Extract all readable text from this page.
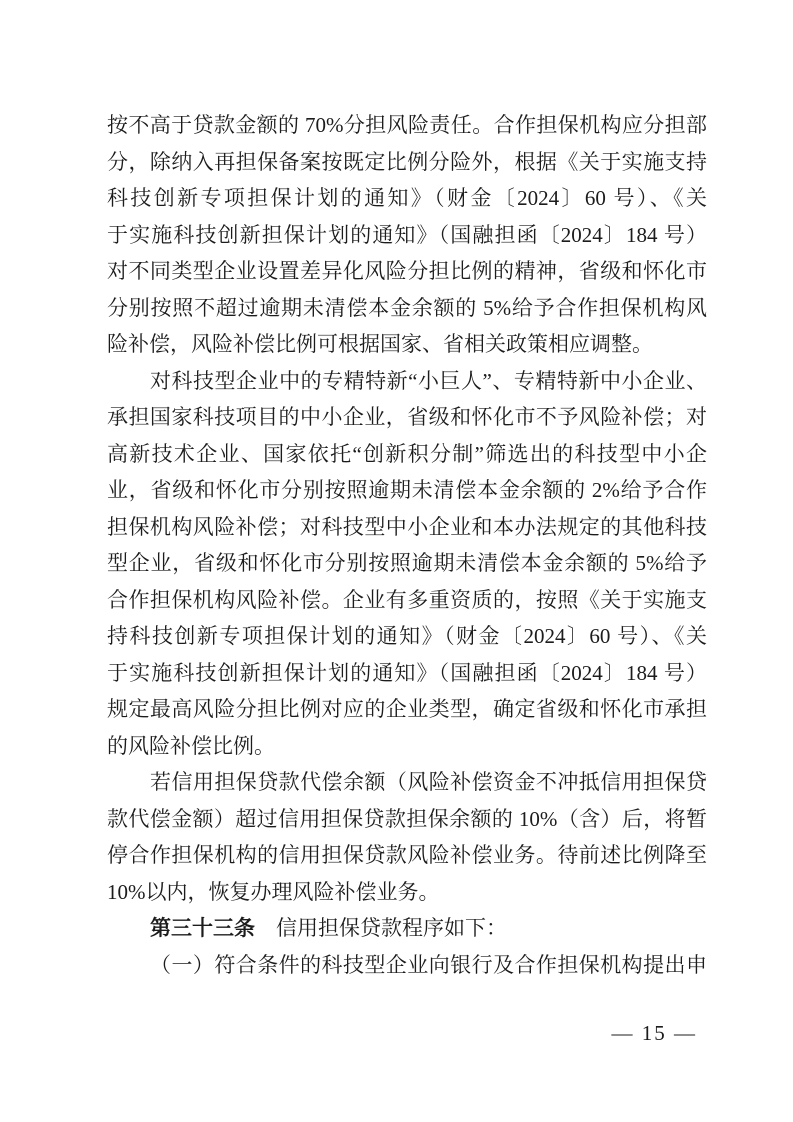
按不高于贷款金额的 70%分担风险责任。合作担保机构应分担部
分，除纳入再担保备案按既定比例分险外，根据《关于实施支持
科技创新专项担保计划的通知》（财金〔2024〕60 号）、《关
于实施科技创新担保计划的通知》（国融担函〔2024〕184 号）
对不同类型企业设置差异化风险分担比例的精神，省级和怀化市
分别按照不超过逾期未清偿本金余额的 5%给予合作担保机构风
险补偿，风险补偿比例可根据国家、省相关政策相应调整。

对科技型企业中的专精特新“小巨人”、专精特新中小企业、
承担国家科技项目的中小企业，省级和怀化市不予风险补偿；对
高新技术企业、国家依托“创新积分制”筛选出的科技型中小企
业，省级和怀化市分别按照逾期未清偿本金余额的 2%给予合作
担保机构风险补偿；对科技型中小企业和本办法规定的其他科技
型企业，省级和怀化市分别按照逾期未清偿本金余额的 5%给予
合作担保机构风险补偿。企业有多重资质的，按照《关于实施支
持科技创新专项担保计划的通知》（财金〔2024〕60 号）、《关
于实施科技创新担保计划的通知》（国融担函〔2024〕184 号）
规定最高风险分担比例对应的企业类型，确定省级和怀化市承担
的风险补偿比例。

若信用担保贷款代偿余额（风险补偿资金不冲抵信用担保贷
款代偿金额）超过信用担保贷款担保余额的 10%（含）后，将暂
停合作担保机构的信用担保贷款风险补偿业务。待前述比例降至
10%以内，恢复办理风险补偿业务。

第三十三条 信用担保贷款程序如下：

（一）符合条件的科技型企业向银行及合作担保机构提出申

— 15 —
